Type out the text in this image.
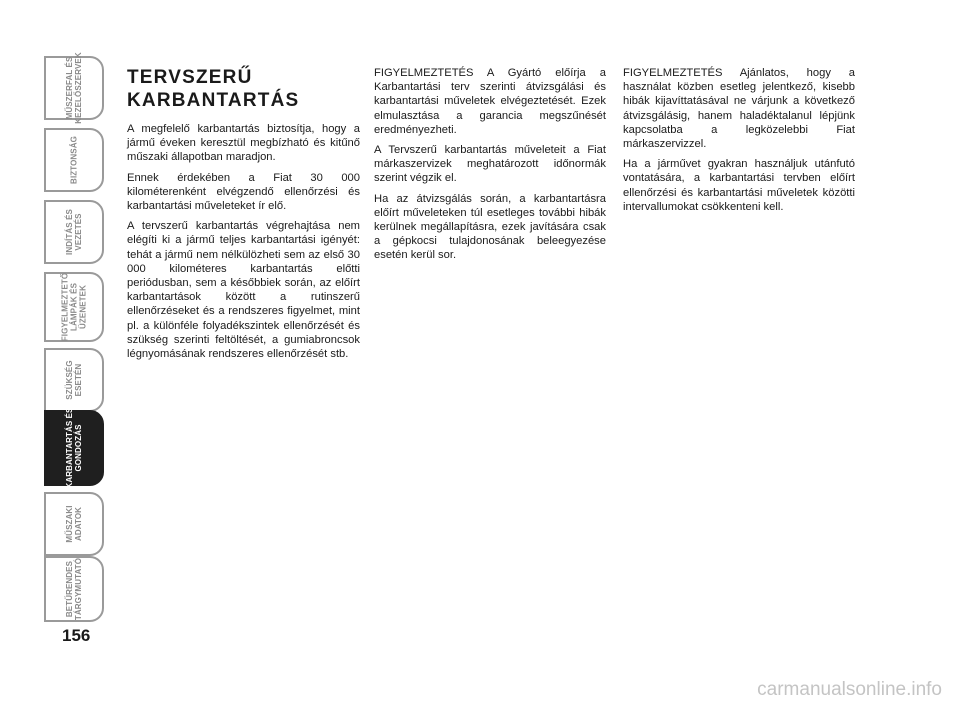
MŰSZERFAL ÉS
KEZELŐSZERVEK
BIZTONSÁG
INDÍTÁS ÉS
VEZETÉS
FIGYELMEZTETŐ
LÁMPÁK ÉS
ÜZENETEK
SZÜKSÉG
ESETÉN
KARBANTARTÁS ÉS
GONDOZÁS
MŰSZAKI
ADATOK
BETŰRENDES
TÁRGYMUTATÓ
156
TERVSZERŰ
KARBANTARTÁS

A megfelelő karbantartás biztosítja, hogy a jármű éveken keresztül megbízható és kitűnő műszaki állapotban maradjon.

Ennek érdekében a Fiat 30 000 kilométerenként elvégzendő ellenőrzési és karbantartási műveleteket ír elő.

A tervszerű karbantartás végrehajtása nem elégíti ki a jármű teljes karbantartási igényét: tehát a jármű nem nélkülözheti sem az első 30 000 kilométeres karbantartás előtti periódusban, sem a későbbiek során, az előírt karbantartások között a rutinszerű ellenőrzéseket és a rendszeres figyelmet, mint pl. a különféle folyadékszintek ellenőrzését és szükség szerinti feltöltését, a gumiabroncsok légnyomásának rendszeres ellenőrzését stb.

FIGYELMEZTETÉS A Gyártó előírja a Karbantartási terv szerinti átvizsgálási és karbantartási műveletek elvégeztetését. Ezek elmulasztása a garancia megszűnését eredményezheti.

A Tervszerű karbantartás műveleteit a Fiat márkaszervizek meghatározott időnormák szerint végzik el.

Ha az átvizsgálás során, a karbantartásra előírt műveleteken túl esetleges további hibák kerülnek megállapításra, ezek javítására csak a gépkocsi tulajdonosának beleegyezése esetén kerül sor.

FIGYELMEZTETÉS Ajánlatos, hogy a használat közben esetleg jelentkező, kisebb hibák kijavíttatásával ne várjunk a következő átvizsgálásig, hanem haladéktalanul lépjünk kapcsolatba a legközelebbi Fiat márkaszervizzel.

Ha a járművet gyakran használjuk utánfutó vontatására, a karbantartási tervben előírt ellenőrzési és karbantartási műveletek közötti intervallumokat csökkenteni kell.

carmanualsonline.info
